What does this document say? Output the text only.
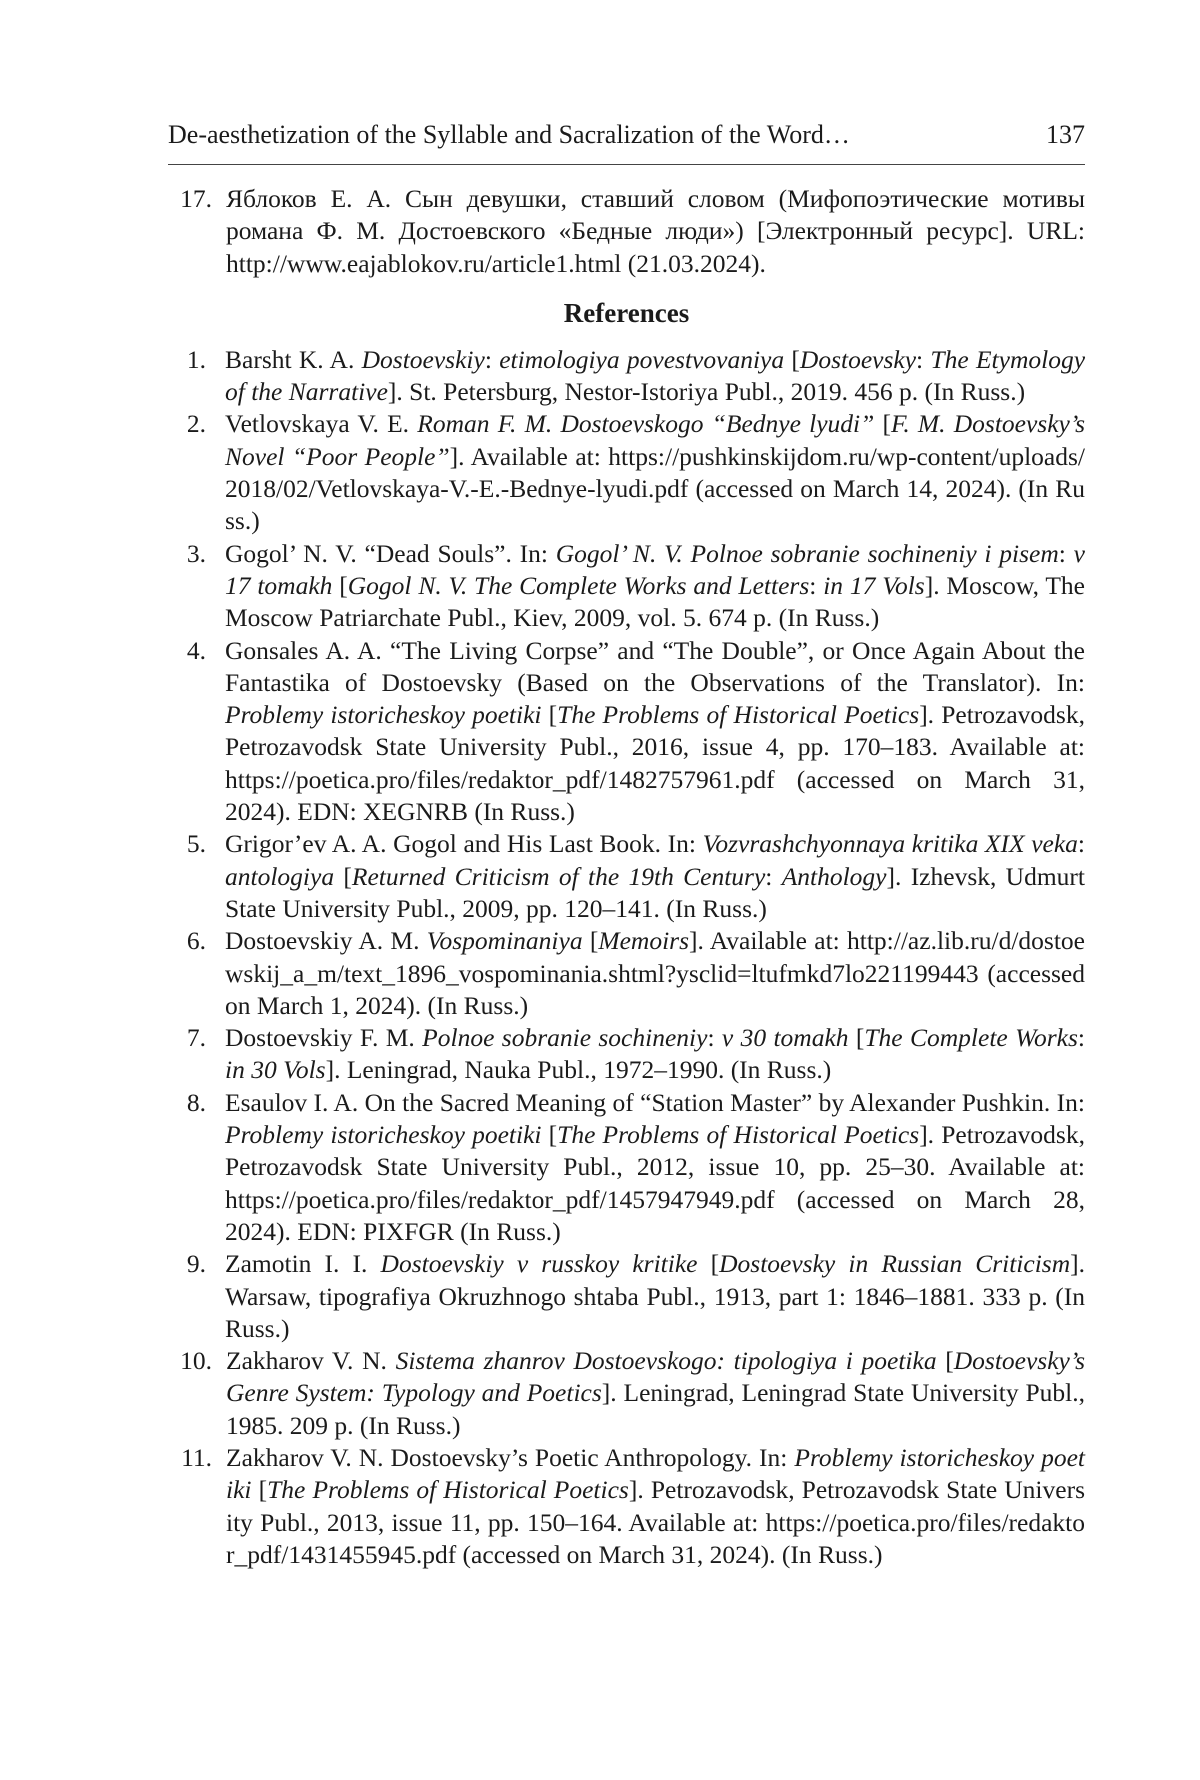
De-aesthetization of the Syllable and Sacralization of the Word…	137
17. Яблоков Е. А. Сын девушки, ставший словом (Мифопоэтические мотивы романа Ф. М. Достоевского «Бедные люди») [Электронный ресурс]. URL: http://www.eajablokov.ru/article1.html (21.03.2024).
References
1. Barsht K. A. Dostoevskiy: etimologiya povestvovaniya [Dostoevsky: The Etymology of the Narrative]. St. Petersburg, Nestor-Istoriya Publ., 2019. 456 p. (In Russ.)
2. Vetlovskaya V. E. Roman F. M. Dostoevskogo “Bednye lyudi” [F. M. Dostoevsky’s Novel “Poor People”]. Available at: https://pushkinskijdom.ru/wp-content/uploads/2018/02/Vetlovskaya-V.-E.-Bednye-lyudi.pdf (accessed on March 14, 2024). (In Russ.)
3. Gogol’ N. V. “Dead Souls”. In: Gogol’ N. V. Polnoe sobranie sochineniy i pisem: v 17 tomakh [Gogol N. V. The Complete Works and Letters: in 17 Vols]. Moscow, The Moscow Patriarchate Publ., Kiev, 2009, vol. 5. 674 p. (In Russ.)
4. Gonsales A. A. “The Living Corpse” and “The Double”, or Once Again About the Fantastika of Dostoevsky (Based on the Observations of the Translator). In: Problemy istoricheskoy poetiki [The Problems of Historical Poetics]. Petrozavodsk, Petrozavodsk State University Publ., 2016, issue 4, pp. 170–183. Available at: https://poetica.pro/files/redaktor_pdf/1482757961.pdf (accessed on March 31, 2024). EDN: XEGNRB (In Russ.)
5. Grigor’ev A. A. Gogol and His Last Book. In: Vozvrashchyonnaya kritika XIX veka: antologiya [Returned Criticism of the 19th Century: Anthology]. Izhevsk, Udmurt State University Publ., 2009, pp. 120–141. (In Russ.)
6. Dostoevskiy A. M. Vospominaniya [Memoirs]. Available at: http://az.lib.ru/d/dostoewskij_a_m/text_1896_vospominania.shtml?ysclid=ltufmkd7lo221199443 (accessed on March 1, 2024). (In Russ.)
7. Dostoevskiy F. M. Polnoe sobranie sochineniy: v 30 tomakh [The Complete Works: in 30 Vols]. Leningrad, Nauka Publ., 1972–1990. (In Russ.)
8. Esaulov I. A. On the Sacred Meaning of “Station Master” by Alexander Pushkin. In: Problemy istoricheskoy poetiki [The Problems of Historical Poetics]. Petrozavodsk, Petrozavodsk State University Publ., 2012, issue 10, pp. 25–30. Available at: https://poetica.pro/files/redaktor_pdf/1457947949.pdf (accessed on March 28, 2024). EDN: PIXFGR (In Russ.)
9. Zamotin I. I. Dostoevskiy v russkoy kritike [Dostoevsky in Russian Criticism]. Warsaw, tipografiya Okruzhnogo shtaba Publ., 1913, part 1: 1846–1881. 333 p. (In Russ.)
10. Zakharov V. N. Sistema zhanrov Dostoevskogo: tipologiya i poetika [Dostoevsky’s Genre System: Typology and Poetics]. Leningrad, Leningrad State University Publ., 1985. 209 p. (In Russ.)
11. Zakharov V. N. Dostoevsky’s Poetic Anthropology. In: Problemy istoricheskoy poetiki [The Problems of Historical Poetics]. Petrozavodsk, Petrozavodsk State University Publ., 2013, issue 11, pp. 150–164. Available at: https://poetica.pro/files/redaktor_pdf/1431455945.pdf (accessed on March 31, 2024). (In Russ.)
